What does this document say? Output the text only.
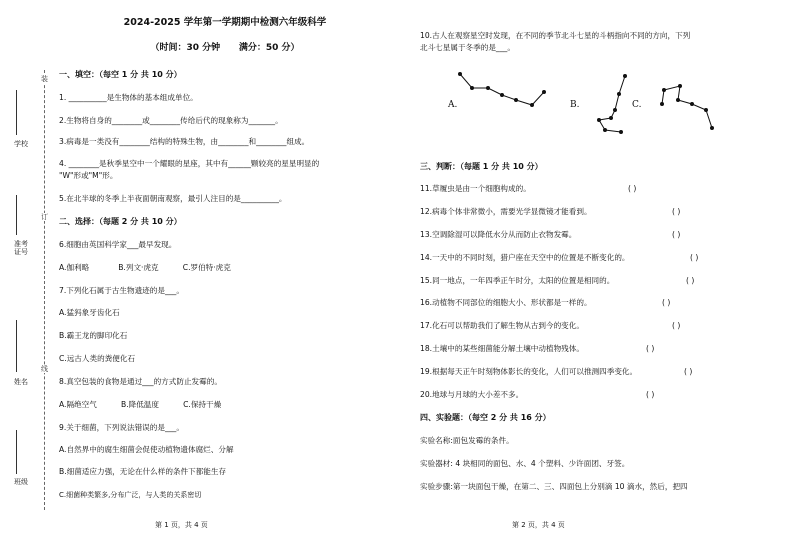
学校
准考证号
姓名
班级
装
订
线
2024-2025 学年第一学期期中检测六年级科学
（时间：30 分钟      满分：50 分）
一、填空：（每空 1 分 共 10 分）
1. __________是生物体的基本组成单位。
2.生物将自身的________或________传给后代的现象称为_______。
3.病毒是一类没有________结构的特殊生物，由________和________组成。
4. ________是秋季星空中一个耀眼的星座，其中有______颗较亮的星星明显的
"W"形或"M"形。
5.在北半球的冬季上半夜面朝南观察，最引人注目的是__________。
二、选择：（每题 2 分 共 10 分）
6.细胞由英国科学家___最早发现。
A.伽利略            B.列文·虎克          C.罗伯特·虎克
7.下列化石属于古生物遗迹的是___。
A.猛犸象牙齿化石
B.霸王龙的脚印化石
C.远古人类的粪便化石
8.真空包装的食物是通过___的方式防止发霉的。
A.隔绝空气          B.降低温度          C.保持干燥
9.关于细菌，下列说法错误的是___。
A.自然界中的腐生细菌会促使动植物遗体腐烂、分解
B.细菌适应力强，无论在什么样的条件下都能生存
C.细菌种类繁多,分布广泛，与人类的关系密切
第 1 页，共 4 页
10.古人在观察星空时发现，在不同的季节北斗七星的斗柄指向不同的方向，下列
北斗七星属于冬季的是___。
A.	B.	C.
三、判断：（每题 1 分 共 10 分）
11.草履虫是由一个细胞构成的。	( )
12.病毒个体非常微小，需要光学显微镜才能看到。	( )
13.空调除湿可以降低水分从而防止衣物发霉。	( )
14.一天中的不同时刻，猎户座在天空中的位置是不断变化的。	( )
15.同一地点，一年四季正午时分，太阳的位置是相同的。	( )
16.动植物不同部位的细胞大小、形状都是一样的。	( )
17.化石可以帮助我们了解生物从古到今的变化。	( )
18.土壤中的某些细菌能分解土壤中动植物残体。	( )
19.根据每天正午时刻物体影长的变化，人们可以推测四季变化。	( )
20.地球与月球的大小差不多。	( )
四、实验题：（每空 2 分 共 16 分）
实验名称:面包发霉的条件。
实验器材: 4 块相同的面包、水、4 个塑料、少许面团、牙签。
实验步骤:第一块面包干燥，在第二、三、四面包上分别滴 10 滴水，然后，把四
第 2 页，共 4 页
